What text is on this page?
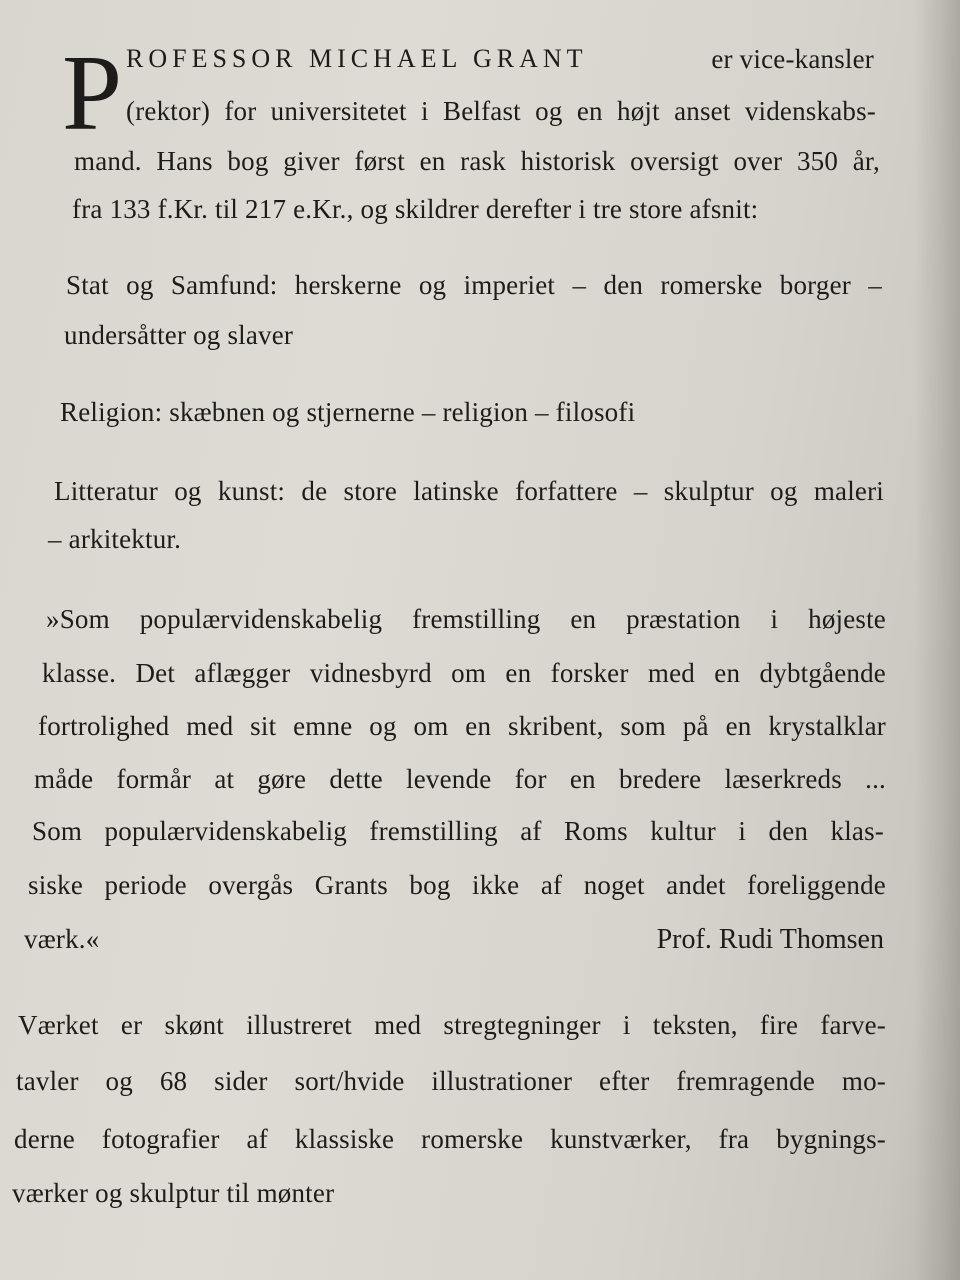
P ROFESSOR MICHAEL GRANT	er vice-kansler
(rektor) for universitetet i Belfast og en højt anset videnskabs-
mand. Hans bog giver først en rask historisk oversigt over 350 år,
fra 133 f.Kr. til 217 e.Kr., og skildrer derefter i tre store afsnit:
Stat og Samfund: herskerne og imperiet – den romerske borger –
undersåtter og slaver
Religion: skæbnen og stjernerne – religion – filosofi
Litteratur og kunst: de store latinske forfattere – skulptur og maleri
– arkitektur.
»Som populærvidenskabelig fremstilling en præstation i højeste
klasse. Det aflægger vidnesbyrd om en forsker med en dybtgående
fortrolighed med sit emne og om en skribent, som på en krystalklar
måde formår at gøre dette levende for en bredere læserkreds ...
Som populærvidenskabelig fremstilling af Roms kultur i den klas-
siske periode overgås Grants bog ikke af noget andet foreliggende
værk.«	Prof. Rudi Thomsen
Værket er skønt illustreret med stregtegninger i teksten, fire farve-
tavler og 68 sider sort/hvide illustrationer efter fremragende mo-
derne fotografier af klassiske romerske kunstværker, fra bygnings-
værker og skulptur til mønter
